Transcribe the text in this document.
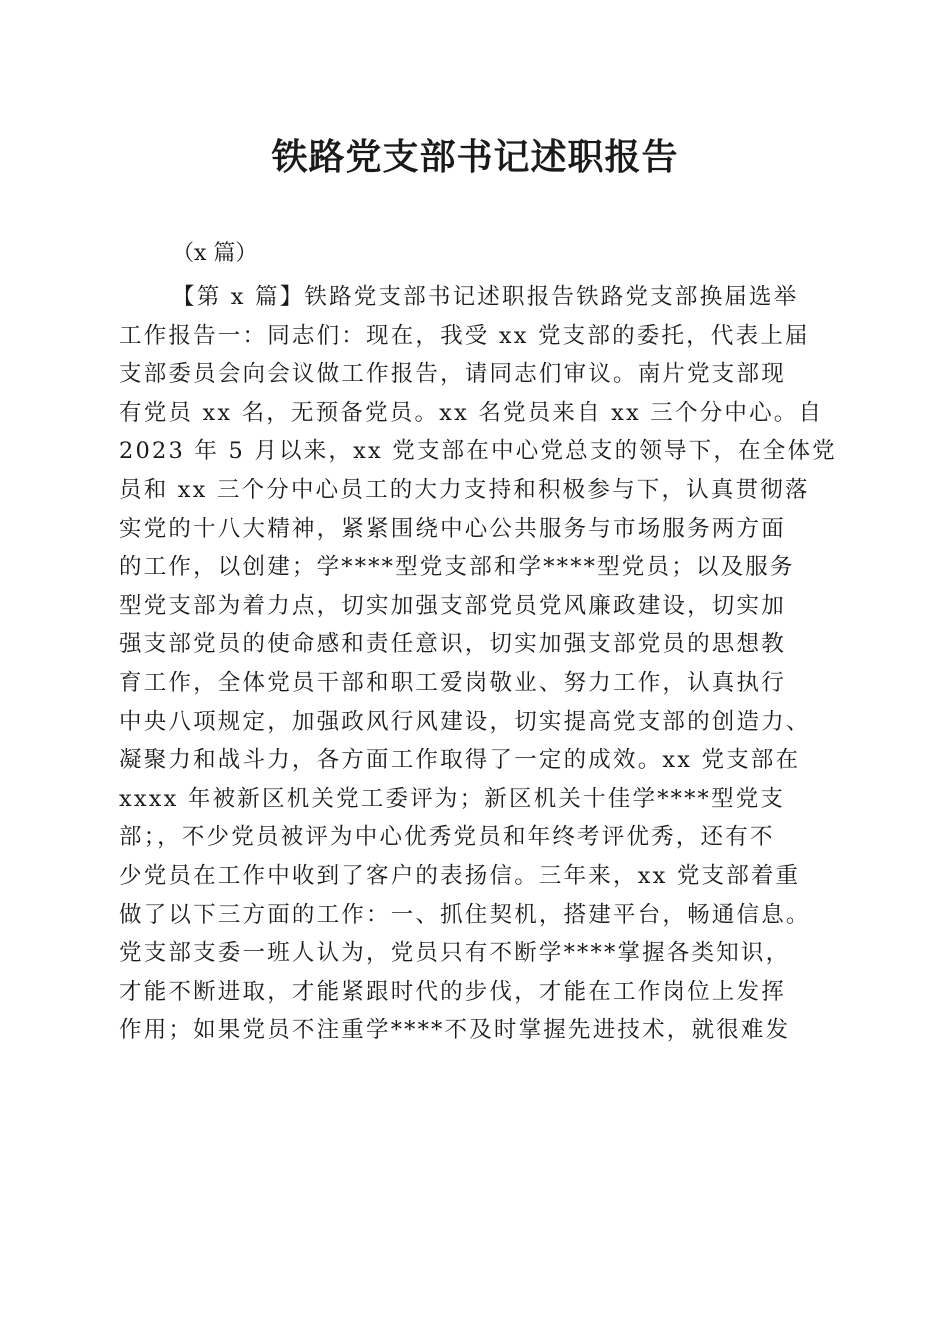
铁路党支部书记述职报告

（x 篇）

【第 x 篇】铁路党支部书记述职报告铁路党支部换届选举
工作报告一：同志们：现在，我受 xx 党支部的委托，代表上届
支部委员会向会议做工作报告，请同志们审议。南片党支部现
有党员 xx 名，无预备党员。xx 名党员来自 xx 三个分中心。自
2023 年 5 月以来，xx 党支部在中心党总支的领导下，在全体党
员和 xx 三个分中心员工的大力支持和积极参与下，认真贯彻落
实党的十八大精神，紧紧围绕中心公共服务与市场服务两方面
的工作，以创建；学****型党支部和学****型党员；以及服务
型党支部为着力点，切实加强支部党员党风廉政建设，切实加
强支部党员的使命感和责任意识，切实加强支部党员的思想教
育工作，全体党员干部和职工爱岗敬业、努力工作，认真执行
中央八项规定，加强政风行风建设，切实提高党支部的创造力、
凝聚力和战斗力，各方面工作取得了一定的成效。xx 党支部在
xxxx 年被新区机关党工委评为；新区机关十佳学****型党支
部；，不少党员被评为中心优秀党员和年终考评优秀，还有不
少党员在工作中收到了客户的表扬信。三年来，xx 党支部着重
做了以下三方面的工作：一、抓住契机，搭建平台，畅通信息。
党支部支委一班人认为，党员只有不断学****掌握各类知识，
才能不断进取，才能紧跟时代的步伐，才能在工作岗位上发挥
作用；如果党员不注重学****不及时掌握先进技术，就很难发
